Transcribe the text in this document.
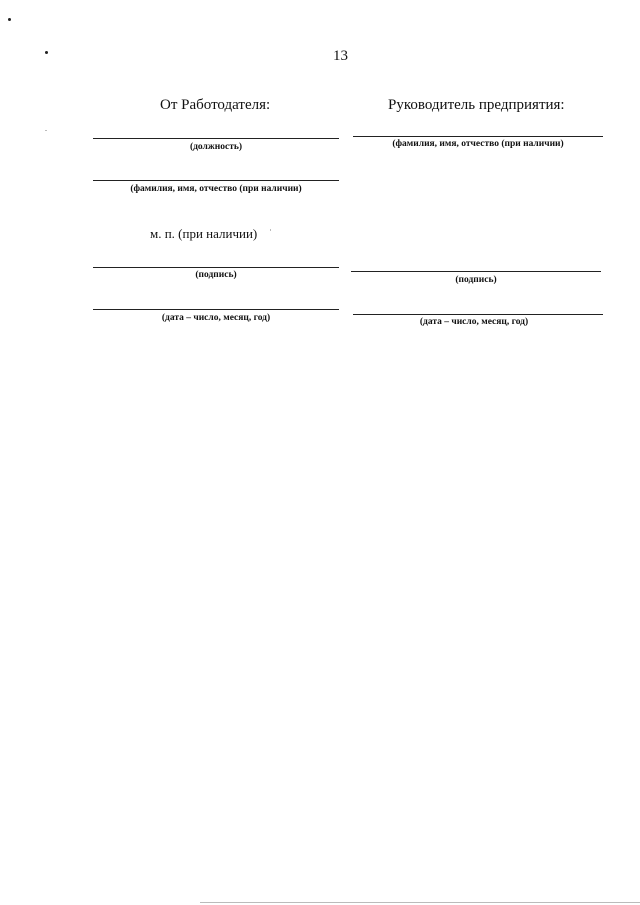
13
От Работодателя:
(должность)
(фамилия, имя, отчество (при наличии)
м. п. (при наличии)
(подпись)
(дата – число, месяц, год)
Руководитель предприятия:
(фамилия, имя, отчество (при наличии)
(подпись)
(дата – число, месяц, год)
